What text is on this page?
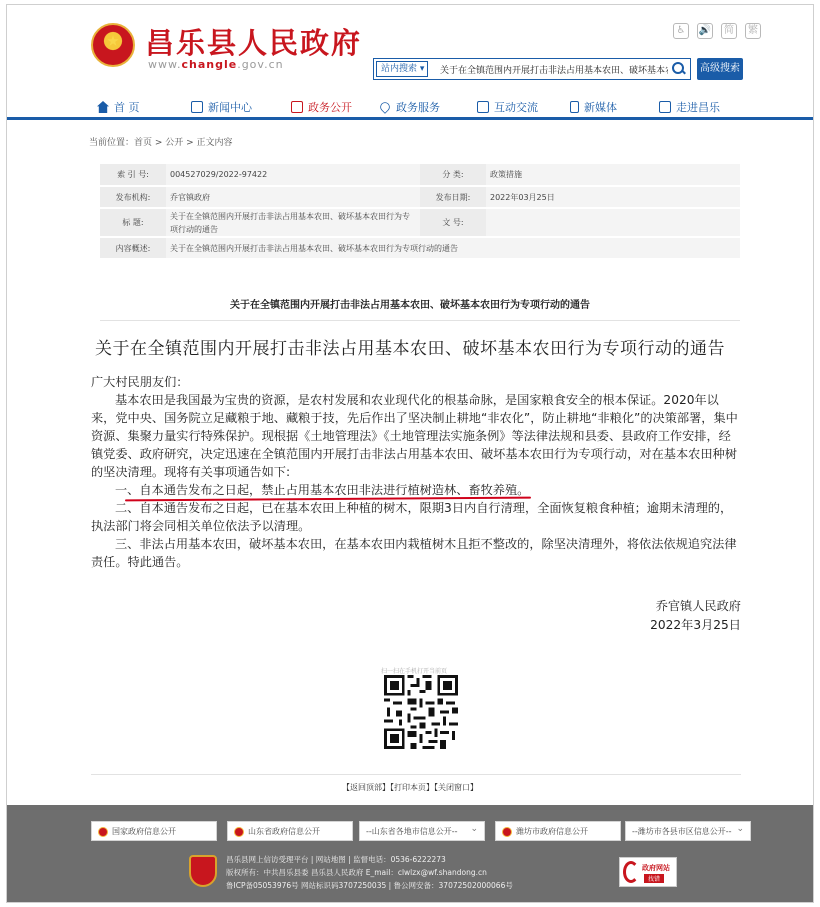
昌乐县人民政府
www.changle.gov.cn
♿	🔊	简	繁
站内搜索 ▾
关于在全镇范围内开展打击非法占用基本农田、破坏基本农田行为专	高级搜索
首 页	新闻中心	政务公开	政务服务	互动交流	新媒体	走进昌乐
当前位置：首页 > 公开 > 正文内容
索 引 号:	004527029/2022-97422	分 类:	政策措施
发布机构:	乔官镇政府	发布日期:	2022年03月25日
标 题:	关于在全镇范围内开展打击非法占用基本农田、破坏基本农田行为专项行动的通告	文 号:	
内容概述:	关于在全镇范围内开展打击非法占用基本农田、破坏基本农田行为专项行动的通告		
关于在全镇范围内开展打击非法占用基本农田、破坏基本农田行为专项行动的通告
关于在全镇范围内开展打击非法占用基本农田、破坏基本农田行为专项行动的通告

广大村民朋友们：

基本农田是我国最为宝贵的资源，是农村发展和农业现代化的根基命脉，是国家粮食安全的根本保证。2020年以来，党中央、国务院立足藏粮于地、藏粮于技，先后作出了坚决制止耕地“非农化”，防止耕地“非粮化”的决策部署，集中资源、集聚力量实行特殊保护。现根据《土地管理法》《土地管理法实施条例》等法律法规和县委、县政府工作安排，经镇党委、政府研究，决定迅速在全镇范围内开展打击非法占用基本农田、破坏基本农田行为专项行动，对在基本农田种树的坚决清理。现将有关事项通告如下:

一、自本通告发布之日起，禁止占用基本农田非法进行植树造林、畜牧养殖。

二、自本通告发布之日起，已在基本农田上种植的树木，限期3日内自行清理，全面恢复粮食种植；逾期未清理的，执法部门将会同相关单位依法予以清理。

三、非法占用基本农田，破坏基本农田，在基本农田内栽植树木且拒不整改的，除坚决清理外，将依法依规追究法律责任。特此通告。

乔官镇人民政府
2022年3月25日
扫一扫在手机打开当前页
【返回顶部】【打印本页】【关闭窗口】
国家政府信息公开	山东省政府信息公开	--山东省各地市信息公开-- ⌄	潍坊市政府信息公开	--潍坊市各县市区信息公开-- ⌄
昌乐县网上信访受理平台 | 网站地图 | 监督电话：0536-6222273
版权所有：中共昌乐县委 昌乐县人民政府 E_mail：clwlzx@wf.shandong.cn
鲁ICP备05053976号 网站标识码3707250035 | 鲁公网安备：37072502000066号
政府网站
找错
